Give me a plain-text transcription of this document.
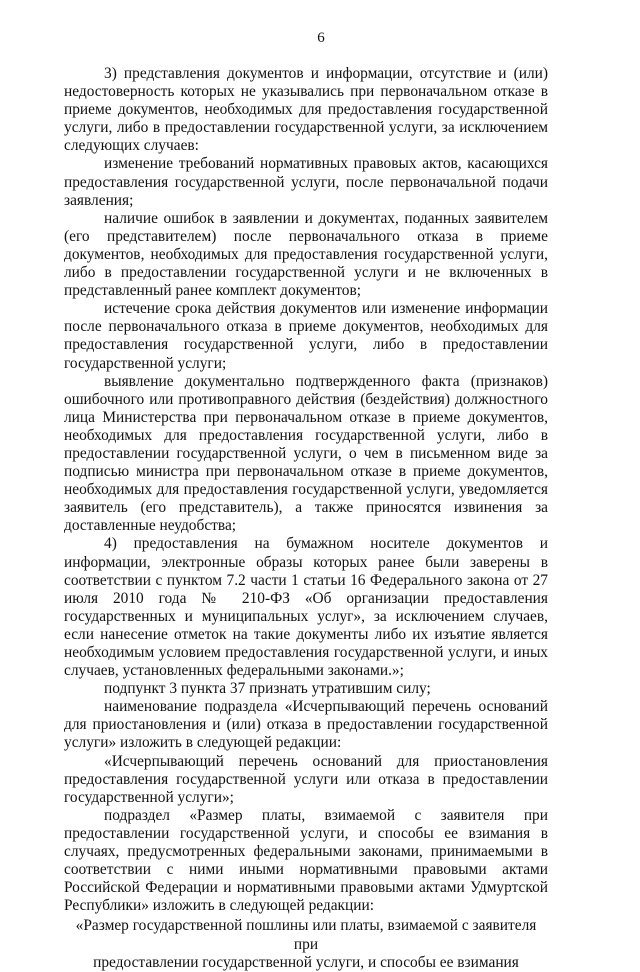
6

3) представления документов и информации, отсутствие и (или) недостоверность которых не указывались при первоначальном отказе в приеме документов, необходимых для предоставления государственной услуги, либо в предоставлении государственной услуги, за исключением следующих случаев:

изменение требований нормативных правовых актов, касающихся предоставления государственной услуги, после первоначальной подачи заявления;

наличие ошибок в заявлении и документах, поданных заявителем (его представителем) после первоначального отказа в приеме документов, необходимых для предоставления государственной услуги, либо в предоставлении государственной услуги и не включенных в представленный ранее комплект документов;

истечение срока действия документов или изменение информации после первоначального отказа в приеме документов, необходимых для предоставления государственной услуги, либо в предоставлении государственной услуги;

выявление документально подтвержденного факта (признаков) ошибочного или противоправного действия (бездействия) должностного лица Министерства при первоначальном отказе в приеме документов, необходимых для предоставления государственной услуги, либо в предоставлении государственной услуги, о чем в письменном виде за подписью министра при первоначальном отказе в приеме документов, необходимых для предоставления государственной услуги, уведомляется заявитель (его представитель), а также приносятся извинения за доставленные неудобства;

4) предоставления на бумажном носителе документов и информации, электронные образы которых ранее были заверены в соответствии с пунктом 7.2 части 1 статьи 16 Федерального закона от 27 июля 2010 года № 210-ФЗ «Об организации предоставления государственных и муниципальных услуг», за исключением случаев, если нанесение отметок на такие документы либо их изъятие является необходимым условием предоставления государственной услуги, и иных случаев, установленных федеральными законами.»;

подпункт 3 пункта 37 признать утратившим силу;

наименование подраздела «Исчерпывающий перечень оснований для приостановления и (или) отказа в предоставлении государственной услуги» изложить в следующей редакции:

«Исчерпывающий перечень оснований для приостановления предоставления государственной услуги или отказа в предоставлении государственной услуги»;

подраздел «Размер платы, взимаемой с заявителя при предоставлении государственной услуги, и способы ее взимания в случаях, предусмотренных федеральными законами, принимаемыми в соответствии с ними иными нормативными правовыми актами Российской Федерации и нормативными правовыми актами Удмуртской Республики» изложить в следующей редакции:

«Размер государственной пошлины или платы, взимаемой с заявителя при
предоставлении государственной услуги, и способы ее взимания
